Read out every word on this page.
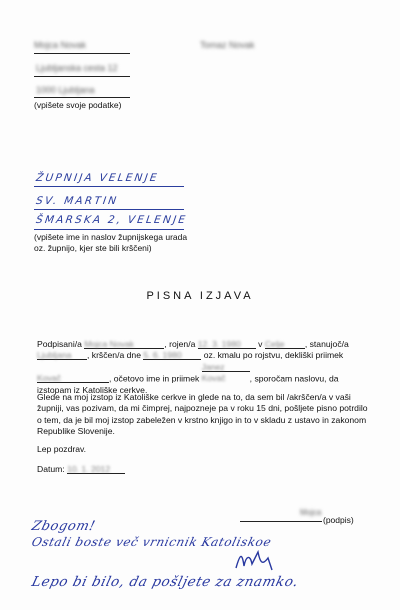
Mojca Novak	Tomaz Novak
Ljubljanska cesta 12
1000 Ljubljana
(vpišete svoje podatke)
ŽUPNIJA VELENJE
SV. MARTIN
ŠMARSKA 2, VELENJE
(vpišete ime in naslov župnijskega urada
oz. župnijo, kjer ste bili krščeni)
PISNA IZJAVA

Podpisani/a Mojca Novak	, rojen/a 12. 3. 1980 v Celje , stanujoč/a

Ljubljana , krščen/a dne 5. 6. 1980	oz. kmalu po rojstvu, dekliški priimek

Kovač	, očetovo ime in priimek Janez Kovač	, sporočam naslovu, da

izstopam iz Katoliške cerkve.

Glede na moj izstop iz Katoliške cerkve in glede na to, da sem bil /akrščen/a v vaši župniji, vas pozivam, da mi čimprej, najpozneje pa v roku 15 dni, pošljete pisno potrdilo o tem, da je bil moj izstop zabeležen v krstno knjigo in to v skladu z ustavo in zakonom Republike Slovenije.

Lep pozdrav.

Datum: 10. 1. 2012
Mojca
(podpis)
Zbogom!
Ostali boste več vrnicnik Katoliskoe
Lepo bi bilo, da pošljete za znamko.
